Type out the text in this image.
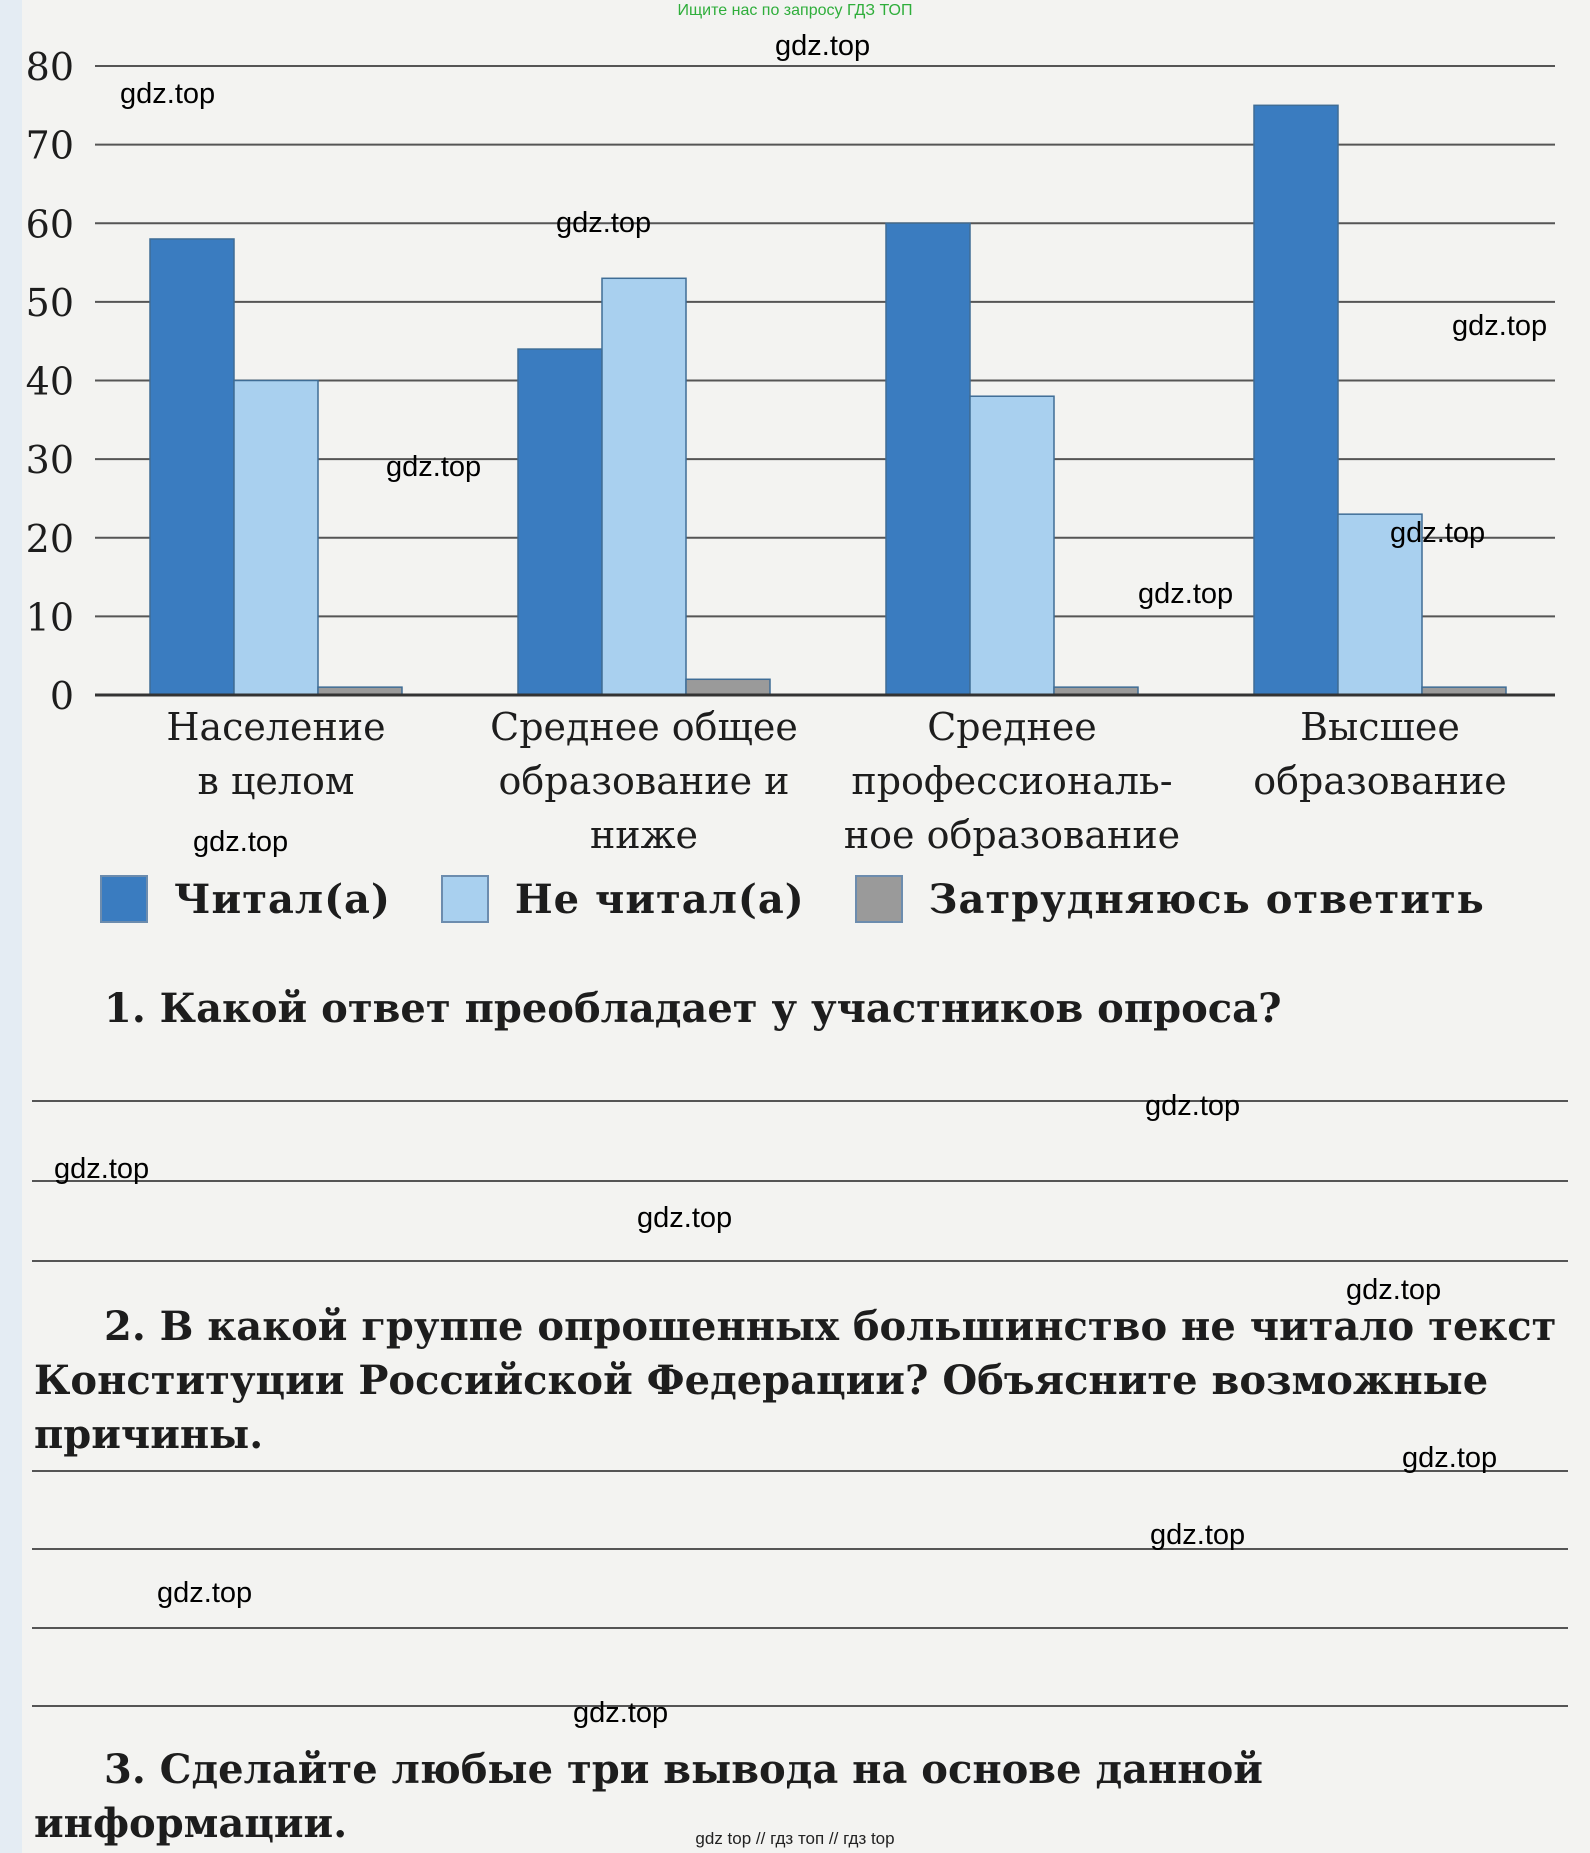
Ищите нас по запросу ГДЗ ТОП
0
10
20
30
40
50
60
70
80
Население
в целом
Среднее общее
образование и
ниже
Среднее
профессиональ-
ное образование
Высшее
образование
Читал(а)	Не читал(а)	Затрудняюсь ответить
1. Какой ответ преобладает у участников опроса?
2. В какой группе опрошенных большинство не читало текст Конституции Российской Федерации? Объясните возможные причины.
3. Сделайте любые три вывода на основе данной информации.
gdz.top
gdz.top
gdz.top
gdz.top
gdz.top
gdz.top
gdz.top
gdz.top
gdz.top
gdz.top
gdz.top
gdz.top
gdz.top
gdz.top
gdz.top
gdz.top
gdz top // гдз топ // гдз top
